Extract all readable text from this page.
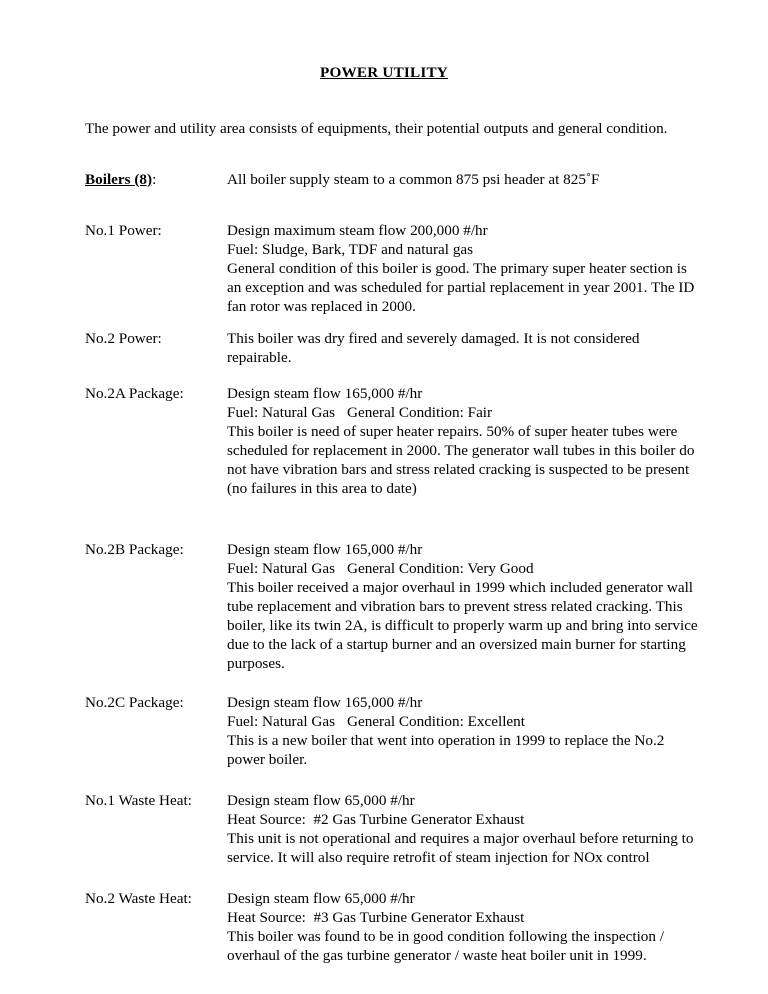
POWER UTILITY
The power and utility area consists of equipments, their potential outputs and general condition.
Boilers (8):	All boiler supply steam to a common 875 psi header at 825˚F
No.1 Power:	Design maximum steam flow 200,000 #/hr
Fuel: Sludge, Bark, TDF and natural gas
General condition of this boiler is good. The primary super heater section is an exception and was scheduled for partial replacement in year 2001. The ID fan rotor was replaced in 2000.
No.2 Power:	This boiler was dry fired and severely damaged. It is not considered repairable.
No.2A Package:	Design steam flow 165,000 #/hr
Fuel: Natural Gas General Condition: Fair
This boiler is need of super heater repairs. 50% of super heater tubes were scheduled for replacement in 2000. The generator wall tubes in this boiler do not have vibration bars and stress related cracking is suspected to be present (no failures in this area to date)
No.2B Package:	Design steam flow 165,000 #/hr
Fuel: Natural Gas General Condition: Very Good
This boiler received a major overhaul in 1999 which included generator wall tube replacement and vibration bars to prevent stress related cracking. This boiler, like its twin 2A, is difficult to properly warm up and bring into service due to the lack of a startup burner and an oversized main burner for starting purposes.
No.2C Package:	Design steam flow 165,000 #/hr
Fuel: Natural Gas General Condition: Excellent
This is a new boiler that went into operation in 1999 to replace the No.2 power boiler.
No.1 Waste Heat:	Design steam flow 65,000 #/hr
Heat Source:  #2 Gas Turbine Generator Exhaust
This unit is not operational and requires a major overhaul before returning to service. It will also require retrofit of steam injection for NOx control
No.2 Waste Heat:	Design steam flow 65,000 #/hr
Heat Source:  #3 Gas Turbine Generator Exhaust
This boiler was found to be in good condition following the inspection / overhaul of the gas turbine generator / waste heat boiler unit in 1999.
